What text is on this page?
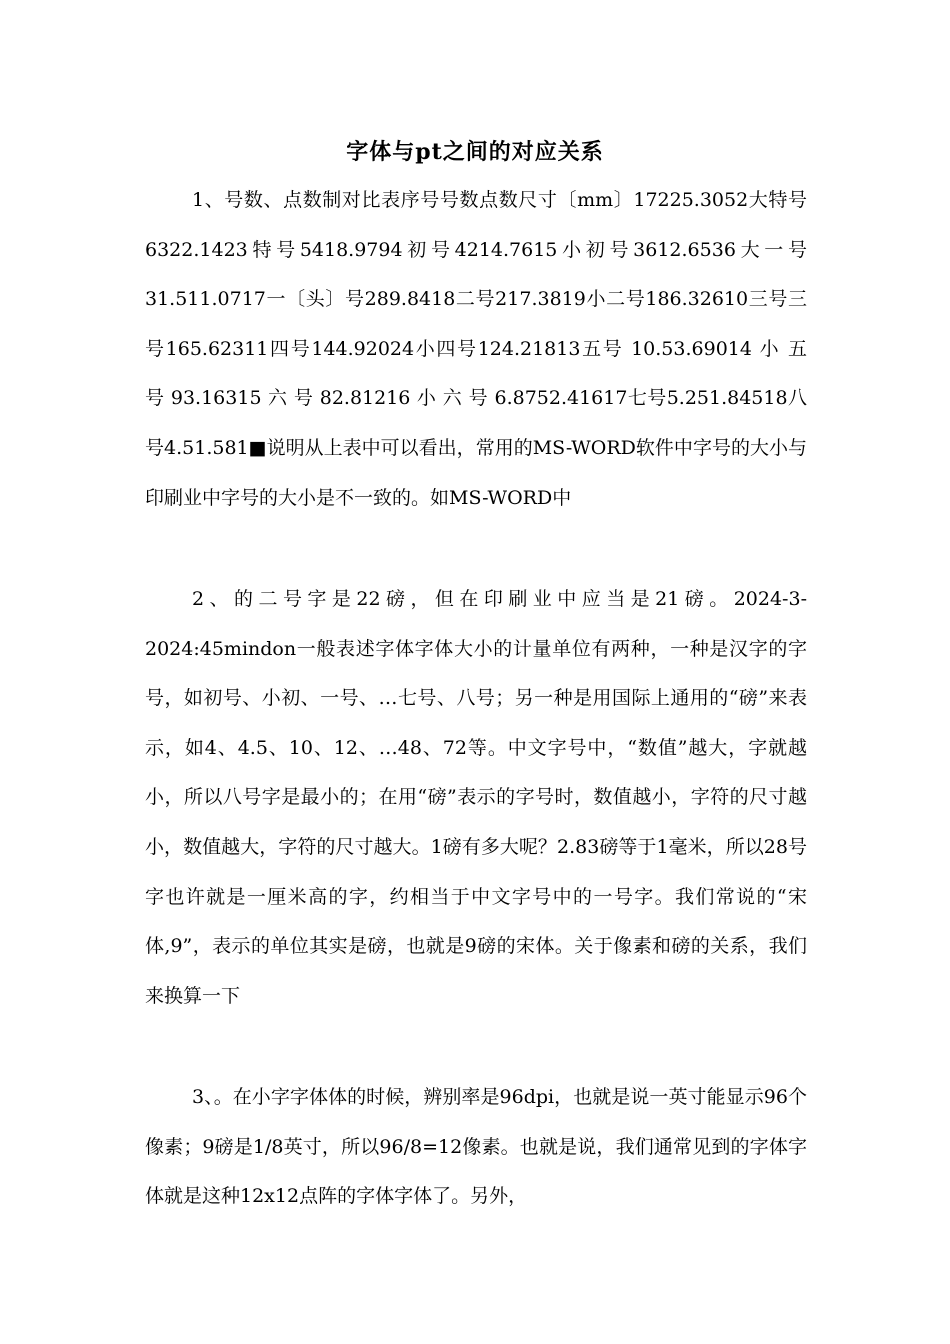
字体与pt之间的对应关系

1、号数、点数制对比表序号号数点数尺寸〔mm〕17225.3052大特号6322.1423特号5418.9794初号4214.7615小初号3612.6536大一号31.511.0717一〔头〕号289.8418二号217.3819小二号186.32610三号三号165.62311四号144.92024小四号124.21813五号 10.53.69014 小 五 号 93.16315 六 号 82.81216 小 六 号 6.8752.41617七号5.251.84518八号4.51.581■说明从上表中可以看出，常用的MS-WORD软件中字号的大小与印刷业中字号的大小是不一致的。如MS-WORD中

2、的二号字是22磅，但在印刷业中应当是21磅。2024-3-2024:45mindon一般表述字体字体大小的计量单位有两种，一种是汉字的字号，如初号、小初、一号、…七号、八号；另一种是用国际上通用的“磅”来表示，如4、4.5、10、12、…48、72等。中文字号中，“数值”越大，字就越小，所以八号字是最小的；在用“磅”表示的字号时，数值越小，字符的尺寸越小，数值越大，字符的尺寸越大。1磅有多大呢？2.83磅等于1毫米，所以28号字也许就是一厘米高的字，约相当于中文字号中的一号字。我们常说的“宋体,9”，表示的单位其实是磅，也就是9磅的宋体。关于像素和磅的关系，我们来换算一下

3、。在小字字体体的时候，辨别率是96dpi，也就是说一英寸能显示96个像素；9磅是1/8英寸，所以96/8=12像素。也就是说，我们通常见到的字体字体就是这种12x12点阵的字体字体了。另外，
